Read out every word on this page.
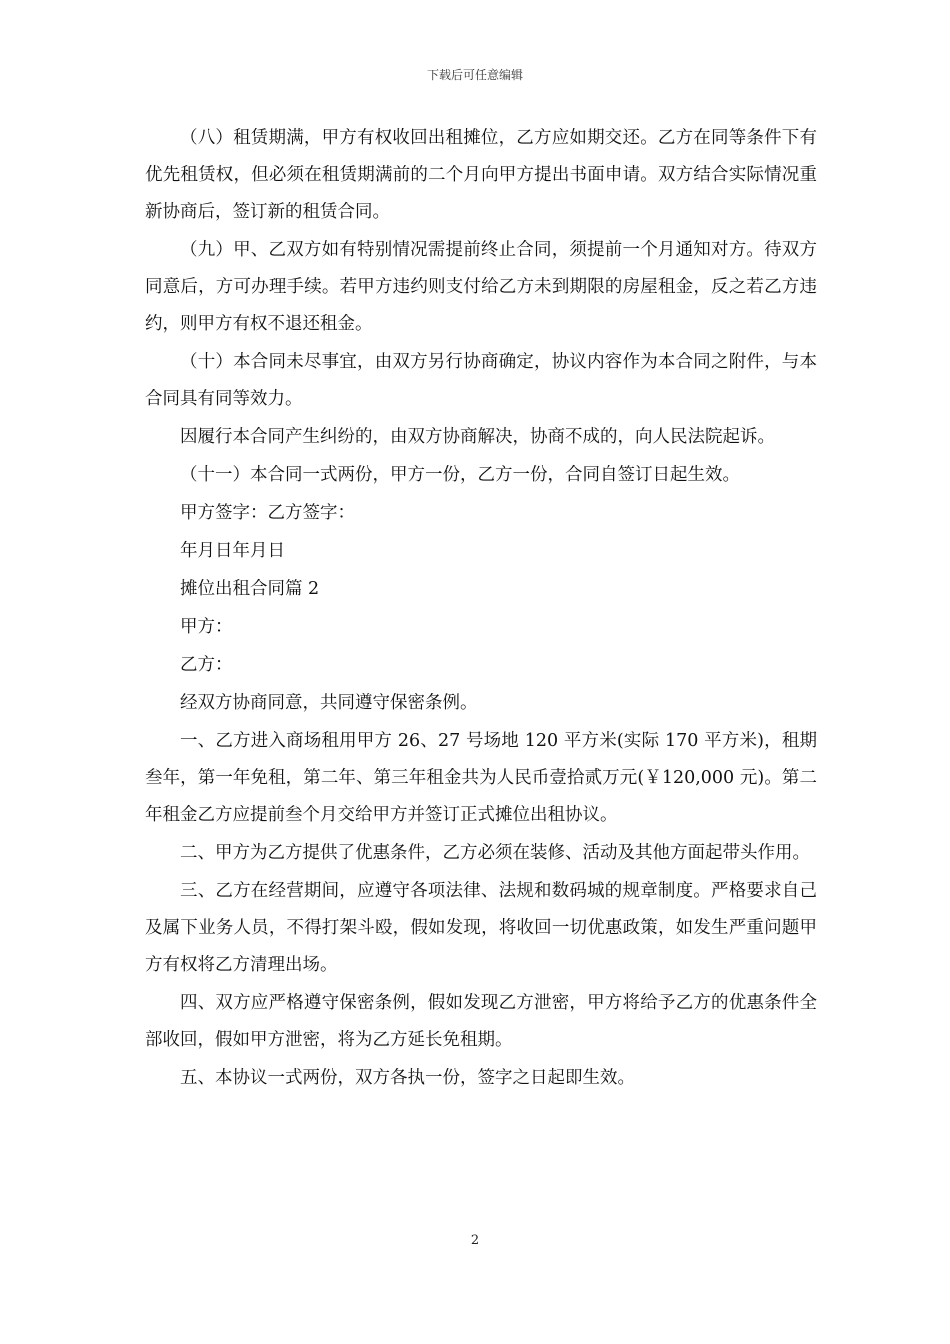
下载后可任意编辑

（八）租赁期满，甲方有权收回出租摊位，乙方应如期交还。乙方在同等条件下有优先租赁权，但必须在租赁期满前的二个月向甲方提出书面申请。双方结合实际情况重新协商后，签订新的租赁合同。

（九）甲、乙双方如有特别情况需提前终止合同，须提前一个月通知对方。待双方同意后，方可办理手续。若甲方违约则支付给乙方未到期限的房屋租金，反之若乙方违约，则甲方有权不退还租金。

（十）本合同未尽事宜，由双方另行协商确定，协议内容作为本合同之附件，与本合同具有同等效力。

因履行本合同产生纠纷的，由双方协商解决，协商不成的，向人民法院起诉。

（十一）本合同一式两份，甲方一份，乙方一份，合同自签订日起生效。

甲方签字：乙方签字：

年月日年月日

摊位出租合同篇 2

甲方：

乙方：

经双方协商同意，共同遵守保密条例。

一、乙方进入商场租用甲方 26、27 号场地 120 平方米(实际 170 平方米)，租期叁年，第一年免租，第二年、第三年租金共为人民币壹拾贰万元(￥120,000 元)。第二年租金乙方应提前叁个月交给甲方并签订正式摊位出租协议。

二、甲方为乙方提供了优惠条件，乙方必须在装修、活动及其他方面起带头作用。

三、乙方在经营期间，应遵守各项法律、法规和数码城的规章制度。严格要求自己及属下业务人员，不得打架斗殴，假如发现，将收回一切优惠政策，如发生严重问题甲方有权将乙方清理出场。

四、双方应严格遵守保密条例，假如发现乙方泄密，甲方将给予乙方的优惠条件全部收回，假如甲方泄密，将为乙方延长免租期。

五、本协议一式两份，双方各执一份，签字之日起即生效。

2
